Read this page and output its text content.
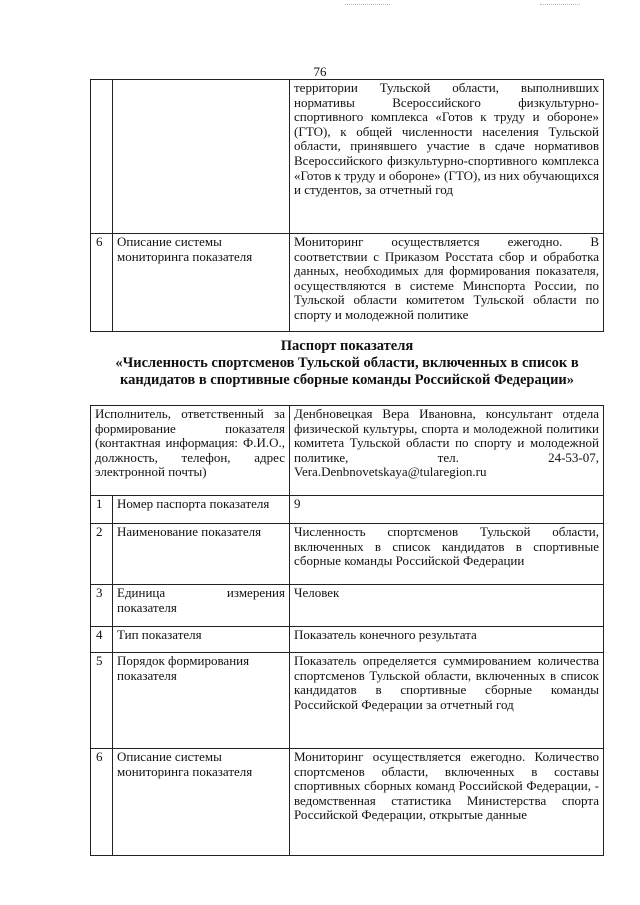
76
		территории Тульской области, выполнивших нормативы Всероссийского физкультурно-спортивного комплекса «Готов к труду и обороне» (ГТО), к общей численности населения Тульской области, принявшего участие в сдаче нормативов Всероссийского физкультурно-спортивного комплекса «Готов к труду и обороне» (ГТО), из них обучающихся и студентов, за отчетный год
6	Описание системы мониторинга показателя	Мониторинг осуществляется ежегодно. В соответствии с Приказом Росстата сбор и обработка данных, необходимых для формирования показателя, осуществляются в системе Минспорта России, по Тульской области комитетом Тульской области по спорту и молодежной политике
Паспорт показателя
«Численность спортсменов Тульской области, включенных в список в
кандидатов в спортивные сборные команды Российской Федерации»
Исполнитель, ответственный за формирование показателя (контактная информация: Ф.И.О., должность, телефон, адрес электронной почты)		Денбновецкая Вера Ивановна, консультант отдела физической культуры, спорта и молодежной политики комитета Тульской области по спорту и молодежной политике, тел. 24-53-07, Vera.Denbnovetskaya@tularegion.ru
1	Номер паспорта показателя	9
2	Наименование показателя	Численность спортсменов Тульской области, включенных в список кандидатов в спортивные сборные команды Российской Федерации
3	Единица измерения показателя	Человек
4	Тип показателя	Показатель конечного результата
5	Порядок формирования показателя	Показатель определяется суммированием количества спортсменов Тульской области, включенных в список кандидатов в спортивные сборные команды Российской Федерации за отчетный год
6	Описание системы мониторинга показателя	Мониторинг осуществляется ежегодно. Количество спортсменов области, включенных в составы спортивных сборных команд Российской Федерации, - ведомственная статистика Министерства спорта Российской Федерации, открытые данные
